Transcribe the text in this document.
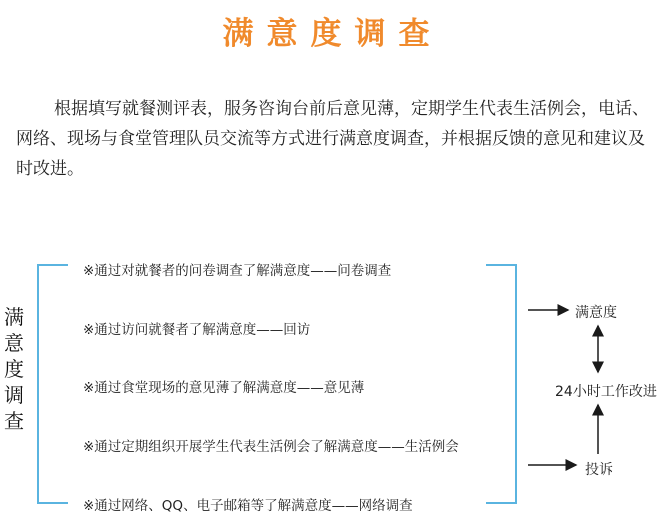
满意度调查

根据填写就餐测评表，服务咨询台前后意见薄，定期学生代表生活例会，电话、网络、现场与食堂管理队员交流等方式进行满意度调查，并根据反馈的意见和建议及时改进。

满意度调查
※通过对就餐者的问卷调查了解满意度——问卷调查
※通过访问就餐者了解满意度——回访
※通过食堂现场的意见薄了解满意度——意见薄
※通过定期组织开展学生代表生活例会了解满意度——生活例会
※通过网络、QQ、电子邮箱等了解满意度——网络调查
满意度
24小时工作改进
投诉
